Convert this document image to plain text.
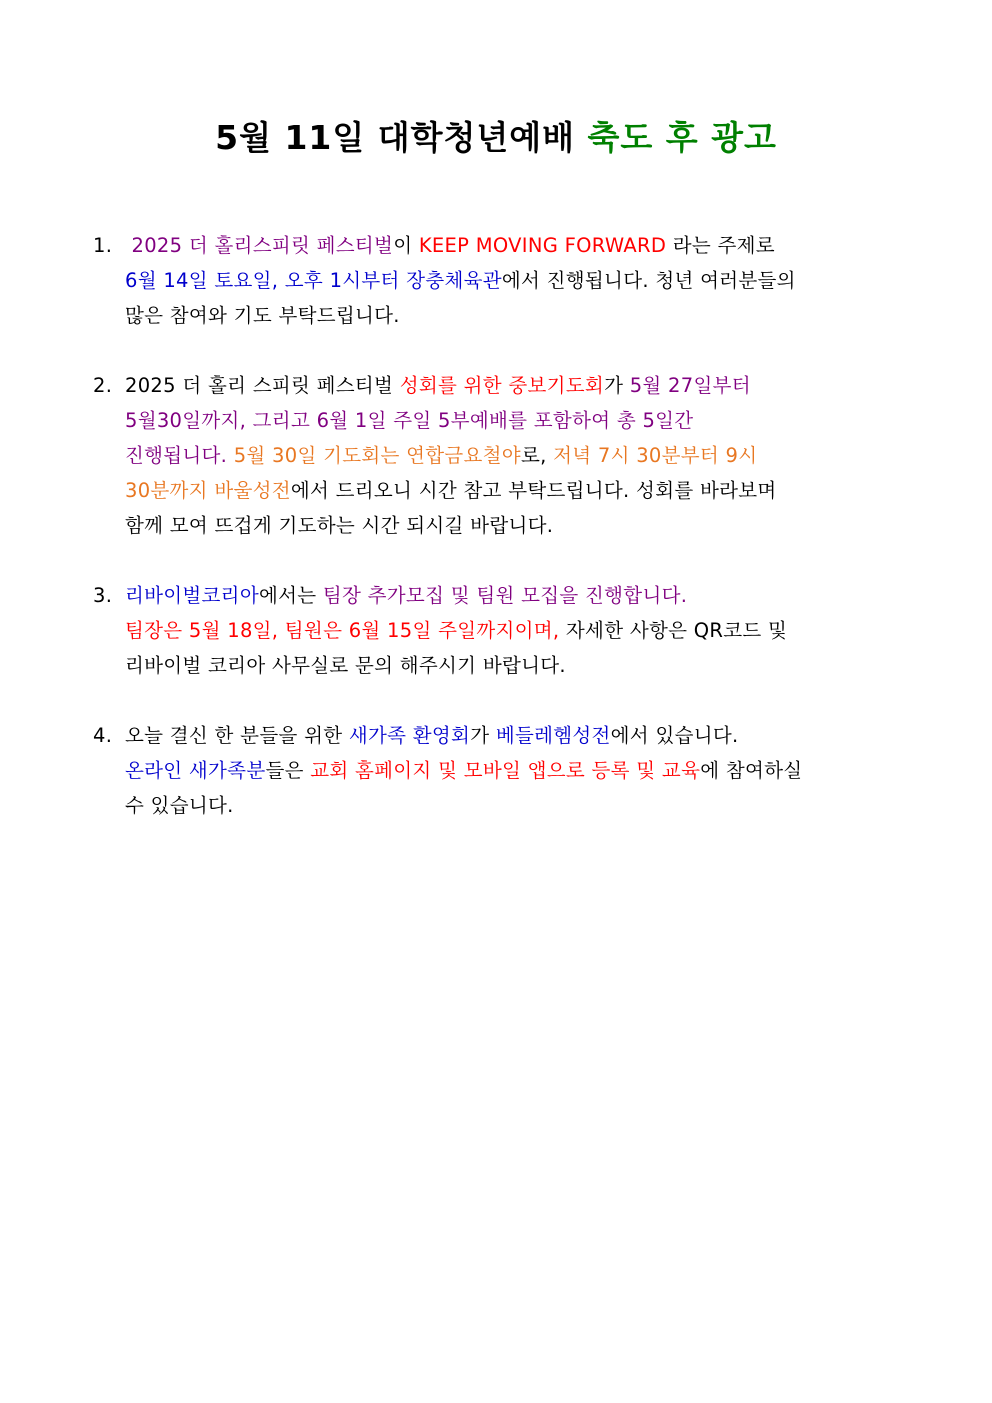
5월 11일 대학청년예배 축도 후 광고
1. 2025 더 홀리스피릿 페스티벌이 KEEP MOVING FORWARD 라는 주제로
6월 14일 토요일, 오후 1시부터 장충체육관에서 진행됩니다. 청년 여러분들의
많은 참여와 기도 부탁드립니다.
2. 2025 더 홀리 스피릿 페스티벌 성회를 위한 중보기도회가 5월 27일부터
5월30일까지, 그리고 6월 1일 주일 5부예배를 포함하여 총 5일간
진행됩니다. 5월 30일 기도회는 연합금요철야로, 저녁 7시 30분부터 9시
30분까지 바울성전에서 드리오니 시간 참고 부탁드립니다. 성회를 바라보며
함께 모여 뜨겁게 기도하는 시간 되시길 바랍니다.
3. 리바이벌코리아에서는 팀장 추가모집 및 팀원 모집을 진행합니다.
팀장은 5월 18일, 팀원은 6월 15일 주일까지이며, 자세한 사항은 QR코드 및
리바이벌 코리아 사무실로 문의 해주시기 바랍니다.
4. 오늘 결신 한 분들을 위한 새가족 환영회가 베들레헴성전에서 있습니다.
온라인 새가족분들은 교회 홈페이지 및 모바일 앱으로 등록 및 교육에 참여하실
수 있습니다.
